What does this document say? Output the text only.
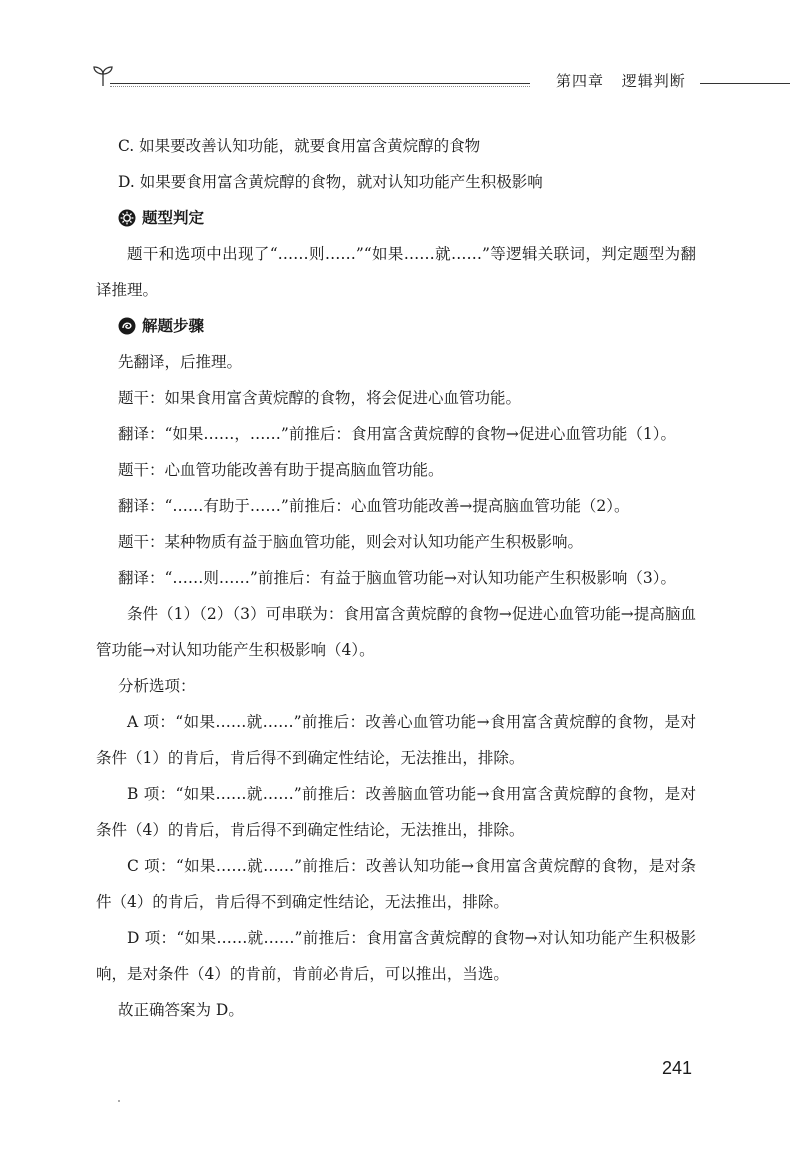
第四章 逻辑判断
C. 如果要改善认知功能，就要食用富含黄烷醇的食物
D. 如果要食用富含黄烷醇的食物，就对认知功能产生积极影响
题型判定
题干和选项中出现了“……则……”“如果……就……”等逻辑关联词，判定题型为翻译推理。
解题步骤
先翻译，后推理。
题干：如果食用富含黄烷醇的食物，将会促进心血管功能。
翻译：“如果……，……”前推后：食用富含黄烷醇的食物→促进心血管功能（1）。
题干：心血管功能改善有助于提高脑血管功能。
翻译：“……有助于……”前推后：心血管功能改善→提高脑血管功能（2）。
题干：某种物质有益于脑血管功能，则会对认知功能产生积极影响。
翻译：“……则……”前推后：有益于脑血管功能→对认知功能产生积极影响（3）。
条件（1）（2）（3）可串联为：食用富含黄烷醇的食物→促进心血管功能→提高脑血管功能→对认知功能产生积极影响（4）。
分析选项：
A 项：“如果……就……”前推后：改善心血管功能→食用富含黄烷醇的食物，是对条件（1）的肯后，肯后得不到确定性结论，无法推出，排除。
B 项：“如果……就……”前推后：改善脑血管功能→食用富含黄烷醇的食物，是对条件（4）的肯后，肯后得不到确定性结论，无法推出，排除。
C 项：“如果……就……”前推后：改善认知功能→食用富含黄烷醇的食物，是对条件（4）的肯后，肯后得不到确定性结论，无法推出，排除。
D 项：“如果……就……”前推后：食用富含黄烷醇的食物→对认知功能产生积极影响，是对条件（4）的肯前，肯前必肯后，可以推出，当选。
故正确答案为 D。
241
